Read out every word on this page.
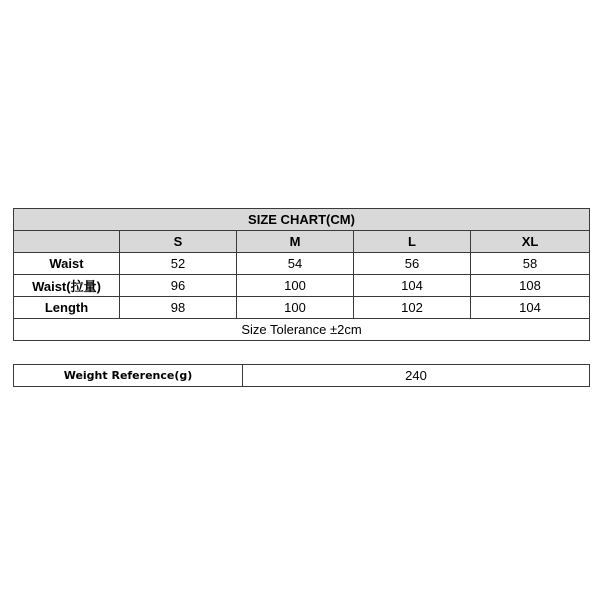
SIZE CHART(CM)				
	S	M	L	XL
Waist	52	54	56	58
Waist(拉量)	96	100	104	108
Length	98	100	102	104
Size Tolerance ±2cm				
Weight Reference(g)	240
